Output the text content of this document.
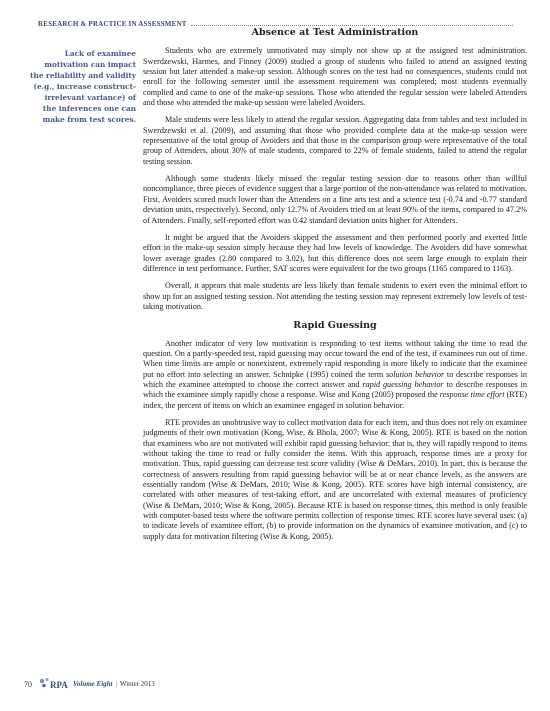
RESEARCH & PRACTICE IN ASSESSMENT
Lack of examinee motivation can impact the reliability and validity (e.g., increase construct-irrelevant variance) of the inferences one can make from test scores.
Absence at Test Administration

Students who are extremely unmotivated may simply not show up at the assigned test administration. Swerdzewski, Harmes, and Finney (2009) studied a group of students who failed to attend an assigned testing session but later attended a make-up session. Although scores on the test had no consequences, students could not enroll for the following semester until the assessment requirement was completed; most students eventually complied and came to one of the make-up sessions. Those who attended the regular session were labeled Attenders and those who attended the make-up session were labeled Avoiders.

Male students were less likely to attend the regular session. Aggregating data from tables and text included in Swerdzewski et al. (2009), and assuming that those who provided complete data at the make-up session were representative of the total group of Avoiders and that those in the comparison group were representative of the total group of Attenders, about 30% of male students, compared to 22% of female students, failed to attend the regular testing session.

Although some students likely missed the regular testing session due to reasons other than willful noncompliance, three pieces of evidence suggest that a large portion of the non-attendance was related to motivation. First, Avoiders scored much lower than the Attenders on a fine arts test and a science test (-0.74 and -0.77 standard deviation units, respectively). Second, only 12.7% of Avoiders tried on at least 90% of the items, compared to 47.2% of Attenders. Finally, self-reported effort was 0.42 standard deviation units higher for Attenders.

It might be argued that the Avoiders skipped the assessment and then performed poorly and exerted little effort in the make-up session simply because they had low levels of knowledge. The Avoiders did have somewhat lower average grades (2.80 compared to 3.02), but this difference does not seem large enough to explain their difference in test performance. Further, SAT scores were equivalent for the two groups (1165 compared to 1163).

Overall, it appears that male students are less likely than female students to exert even the minimal effort to show up for an assigned testing session. Not attending the testing session may represent extremely low levels of test-taking motivation.

Rapid Guessing

Another indicator of very low motivation is responding to test items without taking the time to read the question. On a partly-speeded test, rapid guessing may occur toward the end of the test, if examinees run out of time. When time limits are ample or nonexistent, extremely rapid responding is more likely to indicate that the examinee put no effort into selecting an answer. Schnipke (1995) coined the term solution behavior to describe responses in which the examinee attempted to choose the correct answer and rapid guessing behavior to describe responses in which the examinee simply rapidly chose a response. Wise and Kong (2005) proposed the response time effort (RTE) index, the percent of items on which an examinee engaged in solution behavior.

RTE provides an unobtrusive way to collect motivation data for each item, and thus does not rely on examinee judgments of their own motivation (Kong, Wise, & Bhola, 2007; Wise & Kong, 2005). RTE is based on the notion that examinees who are not motivated will exhibit rapid guessing behavior; that is, they will rapidly respond to items without taking the time to read or fully consider the items. With this approach, response times are a proxy for motivation. Thus, rapid guessing can decrease test score validity (Wise & DeMars, 2010). In part, this is because the correctness of answers resulting from rapid guessing behavior will be at or near chance levels, as the answers are essentially random (Wise & DeMars, 2010; Wise & Kong, 2005). RTE scores have high internal consistency, are correlated with other measures of test-taking effort, and are uncorrelated with external measures of proficiency (Wise & DeMars, 2010; Wise & Kong, 2005). Because RTE is based on response times, this method is only feasible with computer-based tests where the software permits collection of response times. RTE scores have several uses: (a) to indicate levels of examinee effort, (b) to provide information on the dynamics of examinee motivation, and (c) to supply data for motivation filtering (Wise & Kong, 2005).

70 RPA Volume Eight | Winter 2013
